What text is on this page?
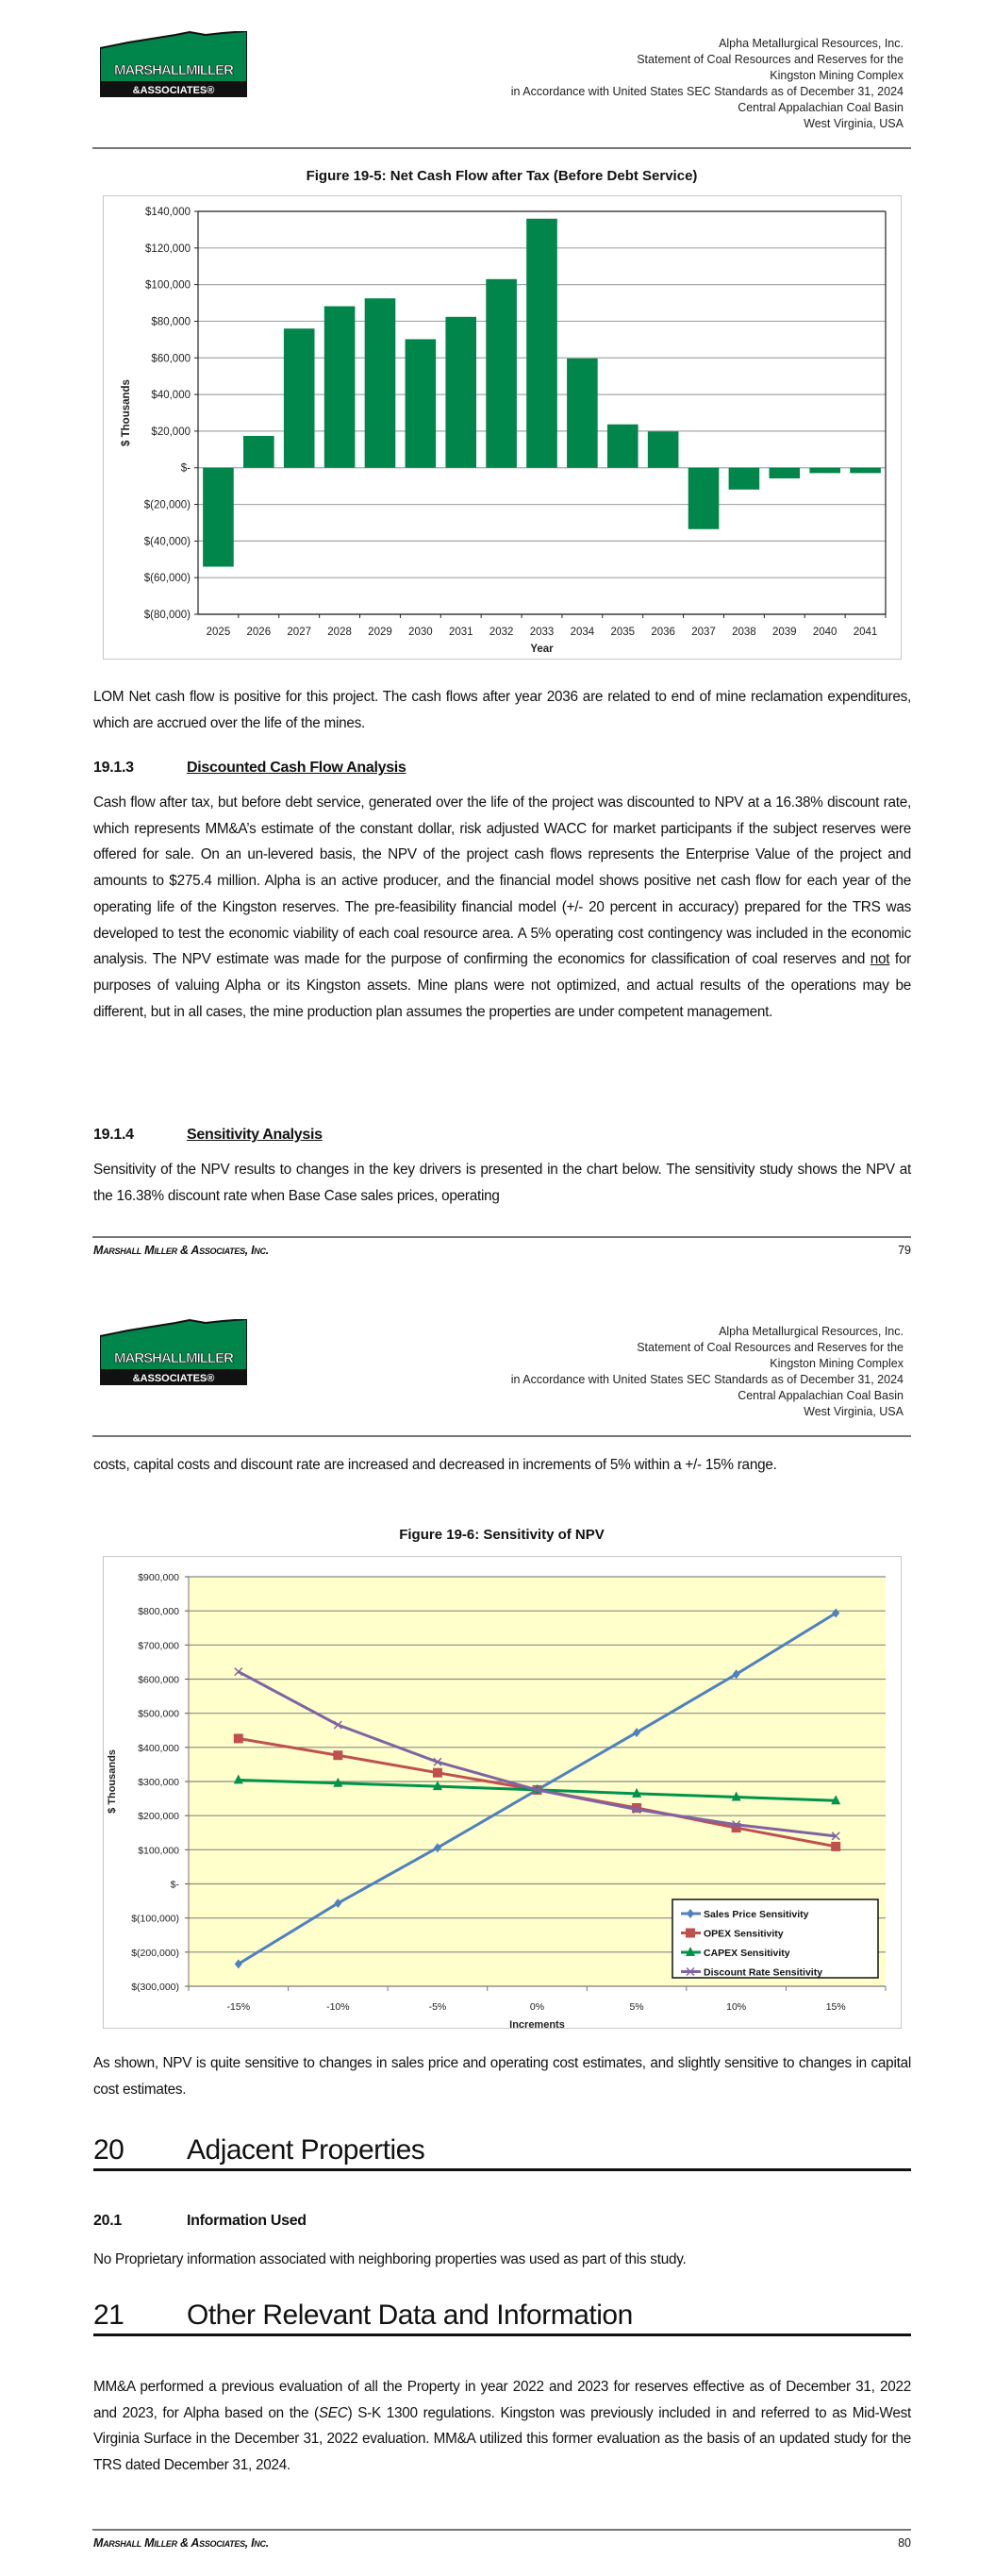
MARSHALLMILLER
&ASSOCIATES®
Alpha Metallurgical Resources, Inc.
Statement of Coal Resources and Reserves for the
Kingston Mining Complex
in Accordance with United States SEC Standards as of December 31, 2024
Central Appalachian Coal Basin
West Virginia, USA
Figure 19-5: Net Cash Flow after Tax (Before Debt Service)
$140,000
$120,000
$100,000
$80,000
$60,000
$40,000
$20,000
$-
$(20,000)
$(40,000)
$(60,000)
$(80,000)
2025 2026 2027 2028 2029 2030 2031 2032 2033 2034 2035 2036 2037 2038 2039 2040 2041
Year
$ Thousands
LOM Net cash flow is positive for this project. The cash flows after year 2036 are related to end of mine reclamation expenditures, which are accrued over the life of the mines.
19.1.3	Discounted Cash Flow Analysis
Cash flow after tax, but before debt service, generated over the life of the project was discounted to NPV at a 16.38% discount rate, which represents MM&A’s estimate of the constant dollar, risk adjusted WACC for market participants if the subject reserves were offered for sale. On an un-levered basis, the NPV of the project cash flows represents the Enterprise Value of the project and amounts to $275.4 million. Alpha is an active producer, and the financial model shows positive net cash flow for each year of the operating life of the Kingston reserves. The pre-feasibility financial model (+/- 20 percent in accuracy) prepared for the TRS was developed to test the economic viability of each coal resource area. A 5% operating cost contingency was included in the economic analysis. The NPV estimate was made for the purpose of confirming the economics for classification of coal reserves and not for purposes of valuing Alpha or its Kingston assets. Mine plans were not optimized, and actual results of the operations may be different, but in all cases, the mine production plan assumes the properties are under competent management.
19.1.4	Sensitivity Analysis
Sensitivity of the NPV results to changes in the key drivers is presented in the chart below. The sensitivity study shows the NPV at the 16.38% discount rate when Base Case sales prices, operating
Marshall Miller & Associates, Inc.	79
MARSHALLMILLER
&ASSOCIATES®
Alpha Metallurgical Resources, Inc.
Statement of Coal Resources and Reserves for the
Kingston Mining Complex
in Accordance with United States SEC Standards as of December 31, 2024
Central Appalachian Coal Basin
West Virginia, USA
costs, capital costs and discount rate are increased and decreased in increments of 5% within a +/- 15% range.
Figure 19-6: Sensitivity of NPV
$900,000
$800,000
$700,000
$600,000
$500,000
$400,000
$300,000
$200,000
$100,000
$-
$(100,000)
$(200,000)
$(300,000)
-15%	-10%	-5%	0%	5%	10%	15%
Increments
$ Thousands
Sales Price Sensitivity
OPEX Sensitivity
CAPEX Sensitivity
Discount Rate Sensitivity
As shown, NPV is quite sensitive to changes in sales price and operating cost estimates, and slightly sensitive to changes in capital cost estimates.
20 Adjacent Properties
20.1	Information Used
No Proprietary information associated with neighboring properties was used as part of this study.
21 Other Relevant Data and Information
MM&A performed a previous evaluation of all the Property in year 2022 and 2023 for reserves effective as of December 31, 2022 and 2023, for Alpha based on the (SEC) S-K 1300 regulations. Kingston was previously included in and referred to as Mid-West Virginia Surface in the December 31, 2022 evaluation. MM&A utilized this former evaluation as the basis of an updated study for the TRS dated December 31, 2024.
Marshall Miller & Associates, Inc.	80
